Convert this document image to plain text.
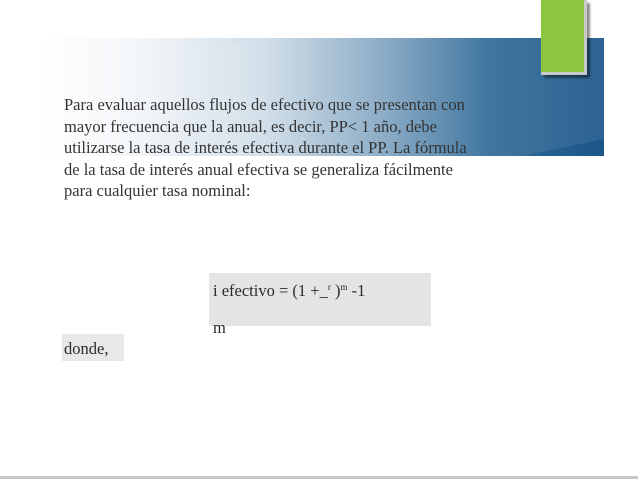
Para evaluar aquellos flujos de efectivo que se presentan con
mayor frecuencia que la anual, es decir, PP< 1 año, debe
utilizarse la tasa de interés efectiva durante el PP. La fórmula
de la tasa de interés anual efectiva se generaliza fácilmente
para cualquier tasa nominal:
i efectivo = (1 +_$^r$ )$^m$ -1
m
donde,
